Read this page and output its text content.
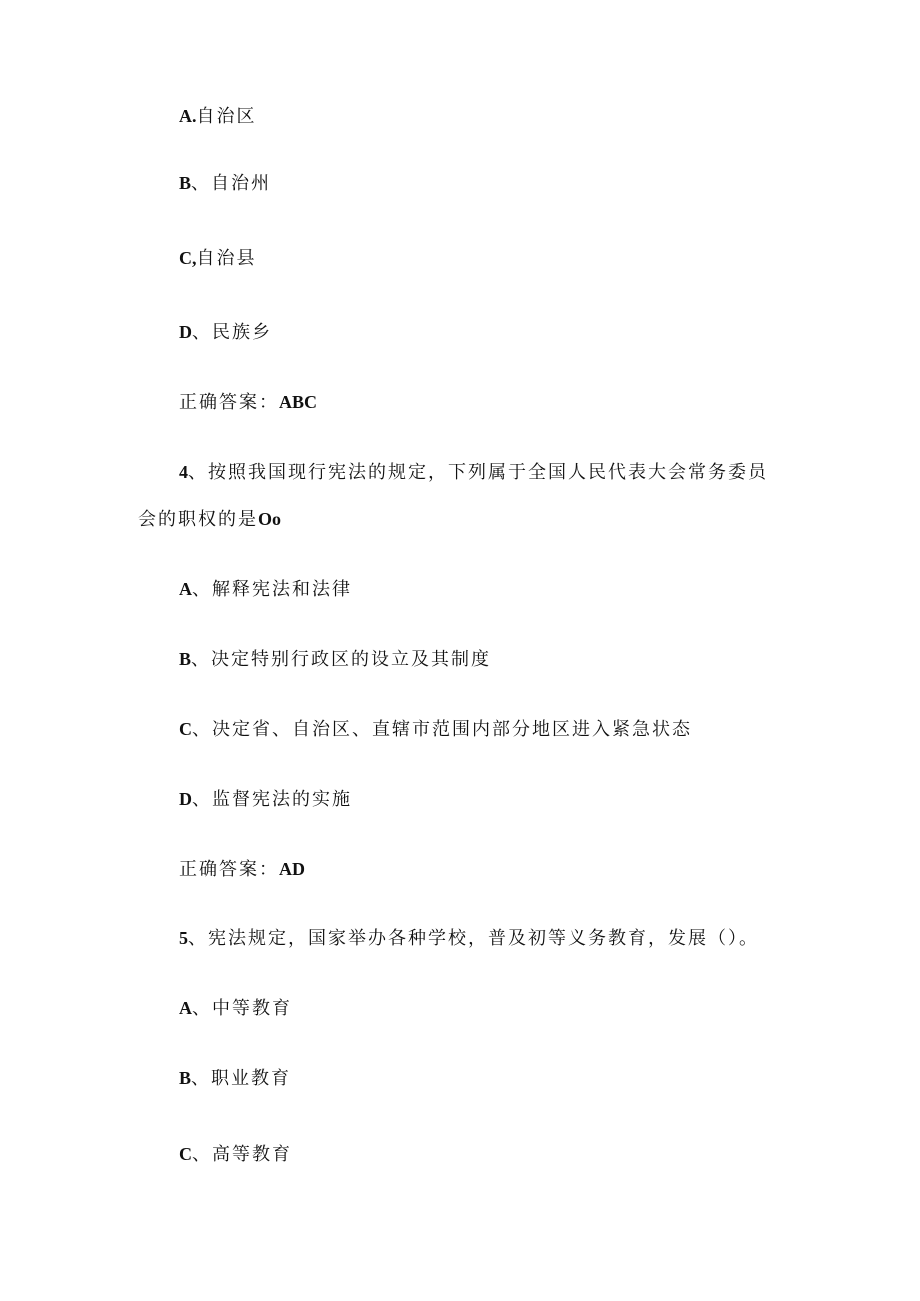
A.自治区
B、自治州
C,自治县
D、民族乡
正确答案：ABC
4、按照我国现行宪法的规定，下列属于全国人民代表大会常务委员
会的职权的是Oo
A、解释宪法和法律
B、决定特别行政区的设立及其制度
C、决定省、自治区、直辖市范围内部分地区进入紧急状态
D、监督宪法的实施
正确答案：AD
5、宪法规定，国家举办各种学校，普及初等义务教育，发展（）。
A、中等教育
B、职业教育
C、高等教育
